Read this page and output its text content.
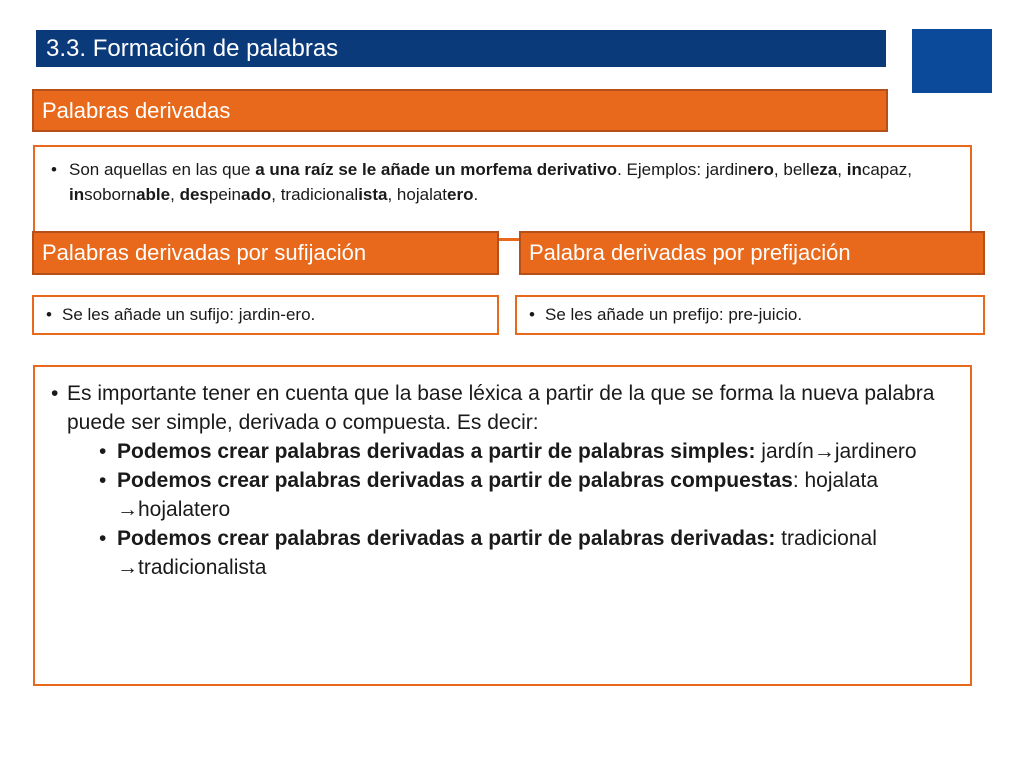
3.3. Formación de palabras
Palabras derivadas
• Son aquellas en las que a una raíz se le añade un morfema derivativo. Ejemplos: jardinero, belleza, incapaz, insobornable, despeinado, tradicionalista, hojalatero.
Palabras derivadas por sufijación	Palabra derivadas por prefijación
• Se les añade un sufijo: jardin-ero.
•	Se les añade un prefijo: pre-juicio.
• Es importante tener en cuenta que la base léxica a partir de la que se forma la nueva palabra puede ser simple, derivada o compuesta. Es decir:
• Podemos crear palabras derivadas a partir de palabras simples: jardín→jardinero
• Podemos crear palabras derivadas a partir de palabras compuestas: hojalata →hojalatero
• Podemos crear palabras derivadas a partir de palabras derivadas: tradicional →tradicionalista
